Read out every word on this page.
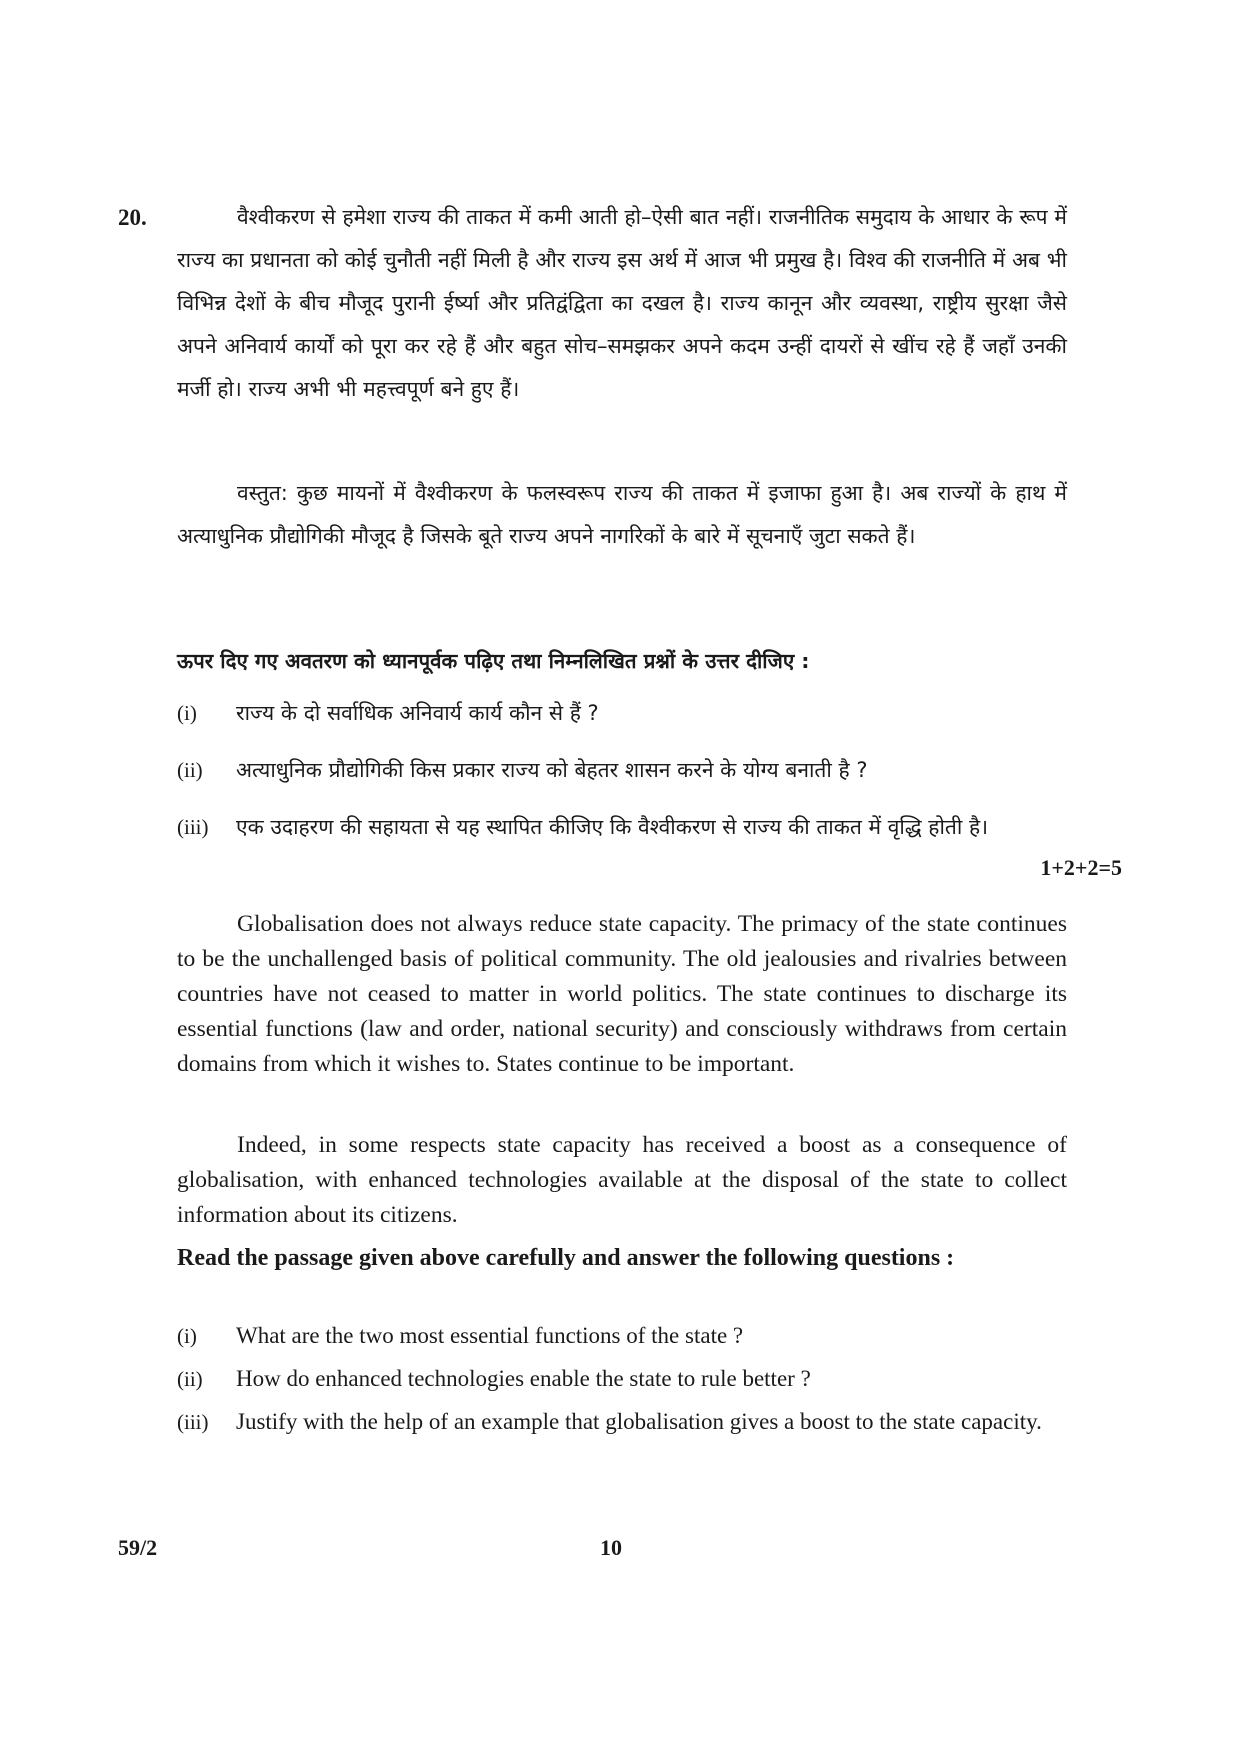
20.	वैश्वीकरण से हमेशा राज्य की ताकत में कमी आती हो–ऐसी बात नहीं। राजनीतिक समुदाय के आधार के रूप में राज्य का प्रधानता को कोई चुनौती नहीं मिली है और राज्य इस अर्थ में आज भी प्रमुख है। विश्व की राजनीति में अब भी विभिन्न देशों के बीच मौजूद पुरानी ईर्ष्या और प्रतिद्वंद्विता का दखल है। राज्य कानून और व्यवस्था, राष्ट्रीय सुरक्षा जैसे अपने अनिवार्य कार्यों को पूरा कर रहे हैं और बहुत सोच–समझकर अपने कदम उन्हीं दायरों से खींच रहे हैं जहाँ उनकी मर्जी हो। राज्य अभी भी महत्त्वपूर्ण बने हुए हैं।

वस्तुत: कुछ मायनों में वैश्वीकरण के फलस्वरूप राज्य की ताकत में इजाफा हुआ है। अब राज्यों के हाथ में अत्याधुनिक प्रौद्योगिकी मौजूद है जिसके बूते राज्य अपने नागरिकों के बारे में सूचनाएँ जुटा सकते हैं।

ऊपर दिए गए अवतरण को ध्यानपूर्वक पढ़िए तथा निम्नलिखित प्रश्नों के उत्तर दीजिए :
(i) राज्य के दो सर्वाधिक अनिवार्य कार्य कौन से हैं ?
(ii) अत्याधुनिक प्रौद्योगिकी किस प्रकार राज्य को बेहतर शासन करने के योग्य बनाती है ?
(iii) एक उदाहरण की सहायता से यह स्थापित कीजिए कि वैश्वीकरण से राज्य की ताकत में वृद्धि होती है।
1+2+2=5

Globalisation does not always reduce state capacity. The primacy of the state continues to be the unchallenged basis of political community. The old jealousies and rivalries between countries have not ceased to matter in world politics. The state continues to discharge its essential functions (law and order, national security) and consciously withdraws from certain domains from which it wishes to. States continue to be important.

Indeed, in some respects state capacity has received a boost as a consequence of globalisation, with enhanced technologies available at the disposal of the state to collect information about its citizens.

Read the passage given above carefully and answer the following questions :
(i) What are the two most essential functions of the state ?
(ii) How do enhanced technologies enable the state to rule better ?
(iii) Justify with the help of an example that globalisation gives a boost to the state capacity.
59/2	10
